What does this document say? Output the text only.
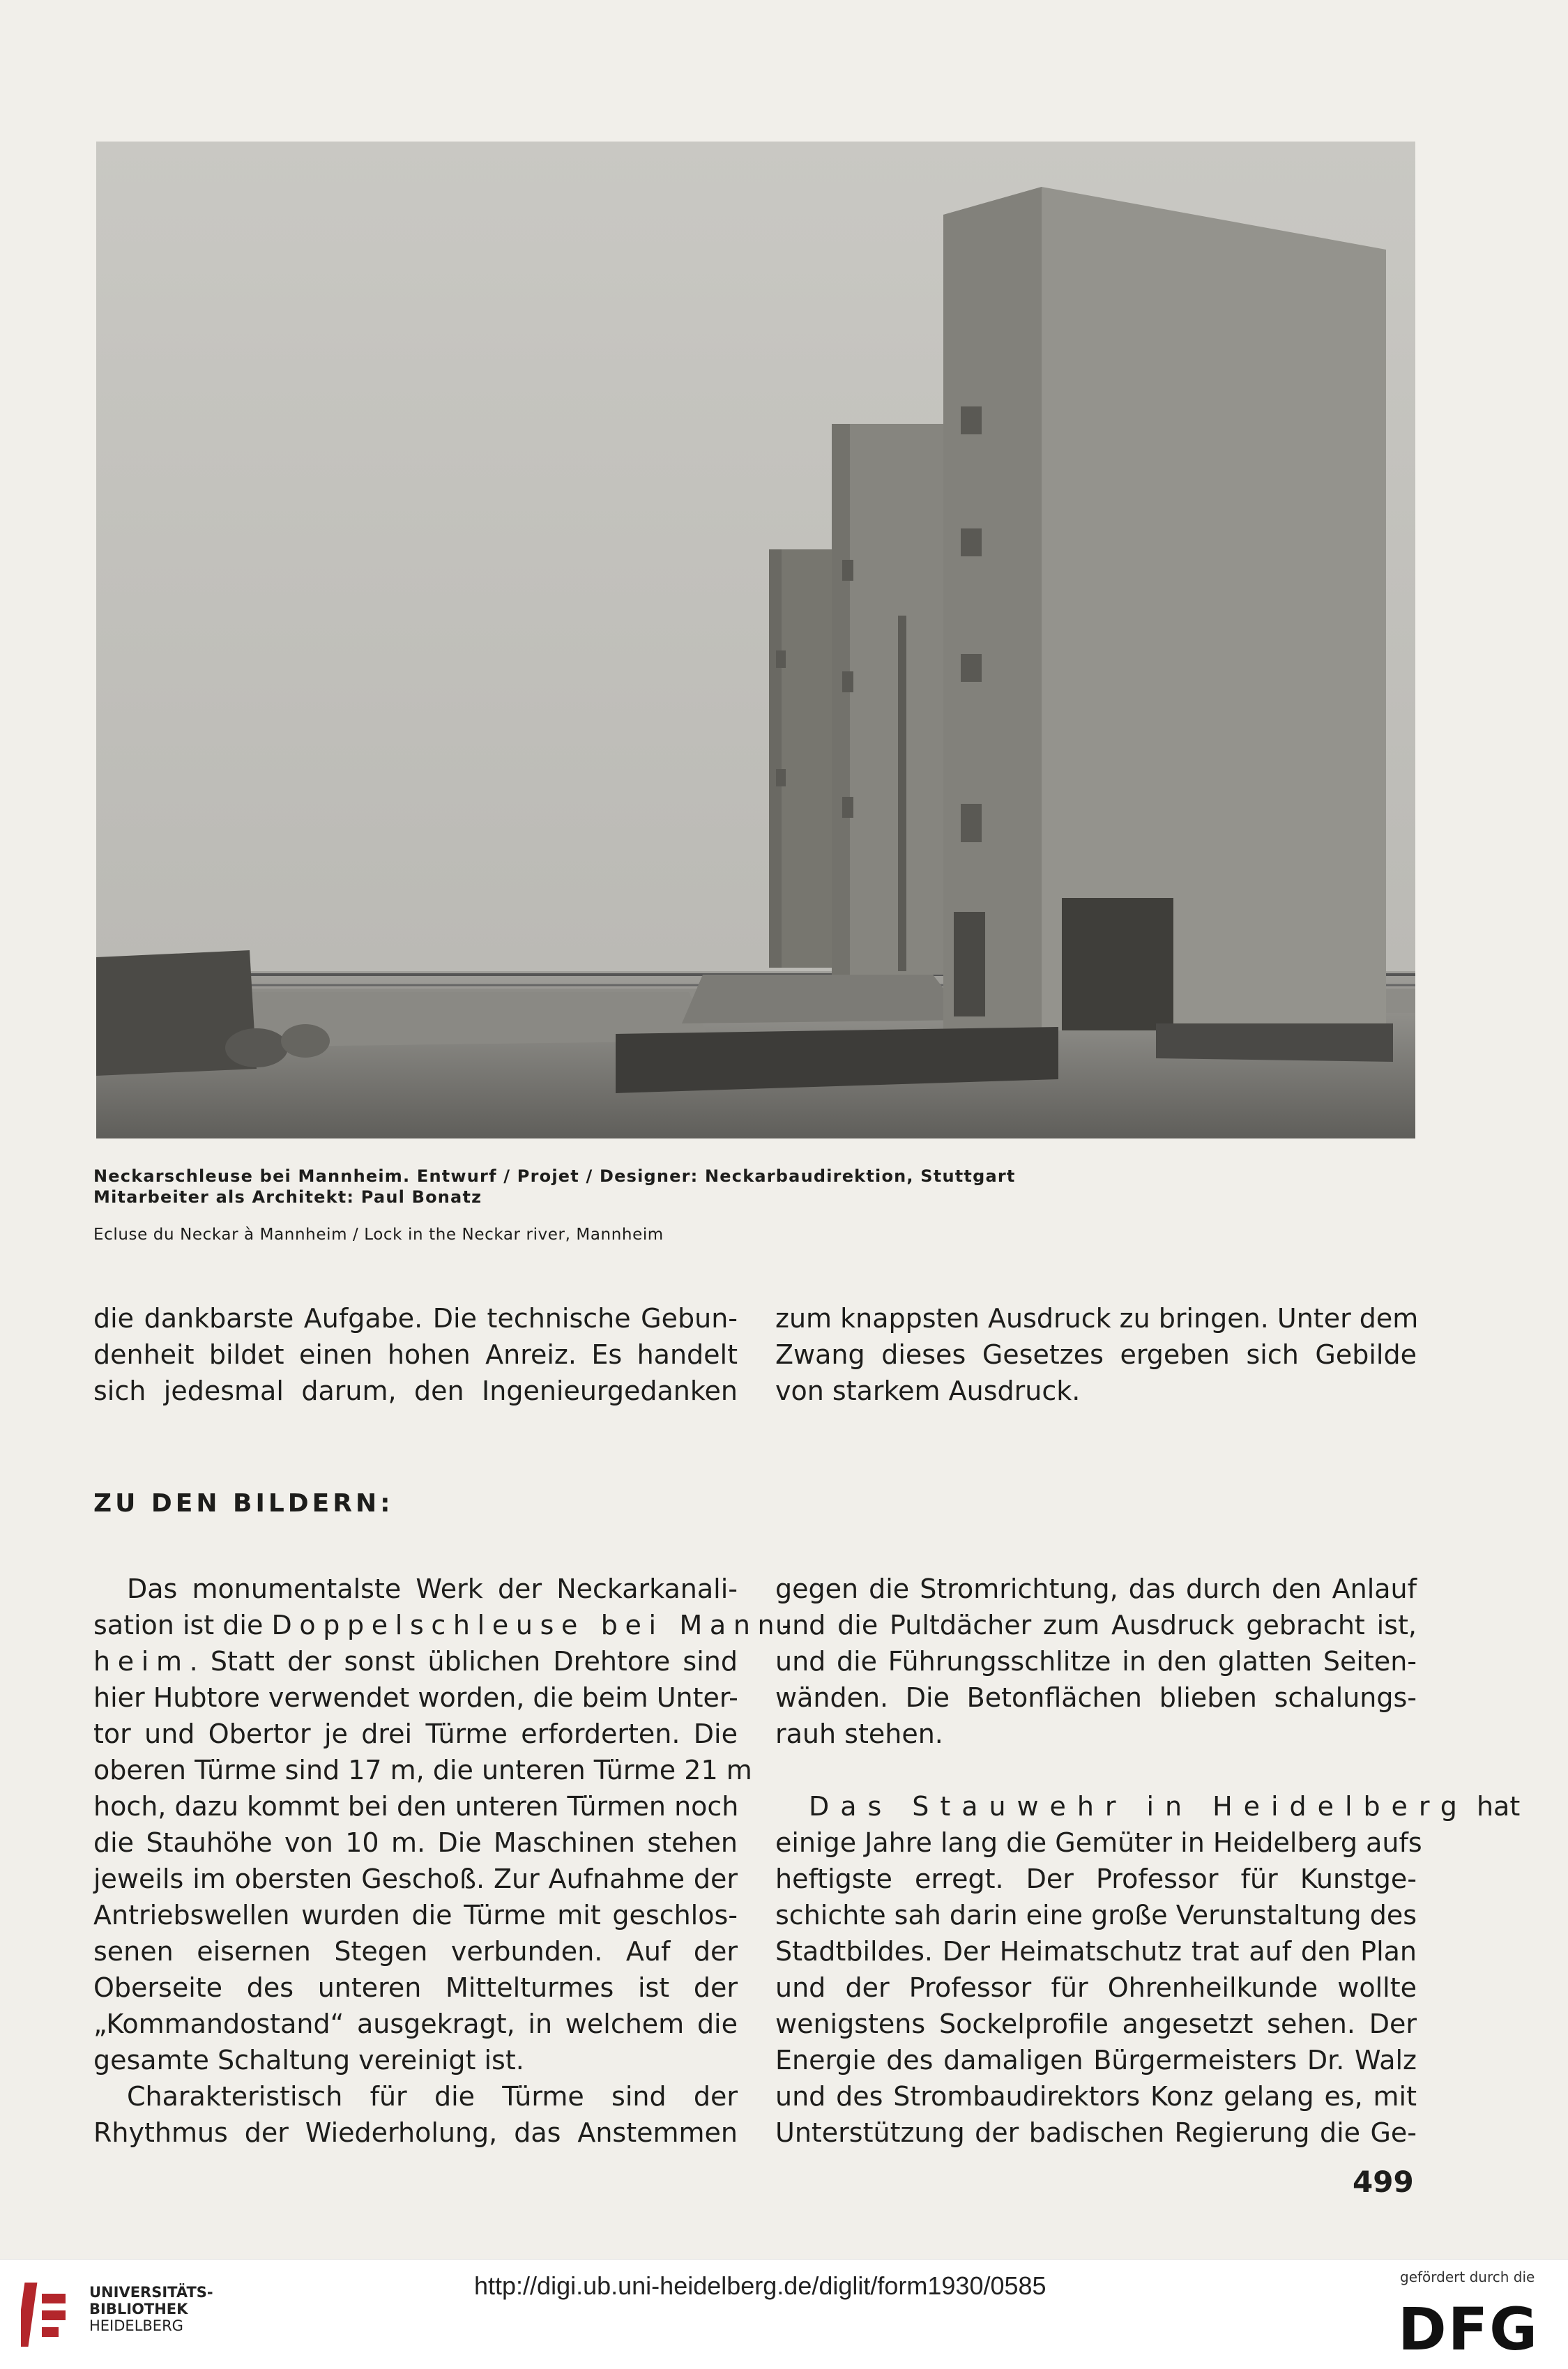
Neckarschleuse bei Mannheim. Entwurf / Projet / Designer: Neckarbaudirektion, Stuttgart
Mitarbeiter als Architekt: Paul Bonatz
Ecluse du Neckar à Mannheim / Lock in the Neckar river, Mannheim
die dankbarste Aufgabe. Die technische Gebun-
denheit bildet einen hohen Anreiz. Es handelt
sich jedesmal darum, den Ingenieurgedanken
zum knappsten Ausdruck zu bringen. Unter dem
Zwang dieses Gesetzes ergeben sich Gebilde
von starkem Ausdruck.
ZU DEN BILDERN:
Das monumentalste Werk der Neckarkanali-
sation ist die Doppelschleuse bei Mann-
heim. Statt der sonst üblichen Drehtore sind
hier Hubtore verwendet worden, die beim Unter-
tor und Obertor je drei Türme erforderten. Die
oberen Türme sind 17 m, die unteren Türme 21 m
hoch, dazu kommt bei den unteren Türmen noch
die Stauhöhe von 10 m. Die Maschinen stehen
jeweils im obersten Geschoß. Zur Aufnahme der
Antriebswellen wurden die Türme mit geschlos-
senen eisernen Stegen verbunden. Auf der
Oberseite des unteren Mittelturmes ist der
„Kommandostand“ ausgekragt, in welchem die
gesamte Schaltung vereinigt ist.
Charakteristisch für die Türme sind der
Rhythmus der Wiederholung, das Anstemmen
gegen die Stromrichtung, das durch den Anlauf
und die Pultdächer zum Ausdruck gebracht ist,
und die Führungsschlitze in den glatten Seiten-
wänden. Die Betonflächen blieben schalungs-
rauh stehen.
Das Stauwehr in Heidelberg hat
einige Jahre lang die Gemüter in Heidelberg aufs
heftigste erregt. Der Professor für Kunstge-
schichte sah darin eine große Verunstaltung des
Stadtbildes. Der Heimatschutz trat auf den Plan
und der Professor für Ohrenheilkunde wollte
wenigstens Sockelprofile angesetzt sehen. Der
Energie des damaligen Bürgermeisters Dr. Walz
und des Strombaudirektors Konz gelang es, mit
Unterstützung der badischen Regierung die Ge-
499
UNIVERSITÄTS-
BIBLIOTHEK
HEIDELBERG
http://digi.ub.uni-heidelberg.de/diglit/form1930/0585	gefördert durch die
DFG
